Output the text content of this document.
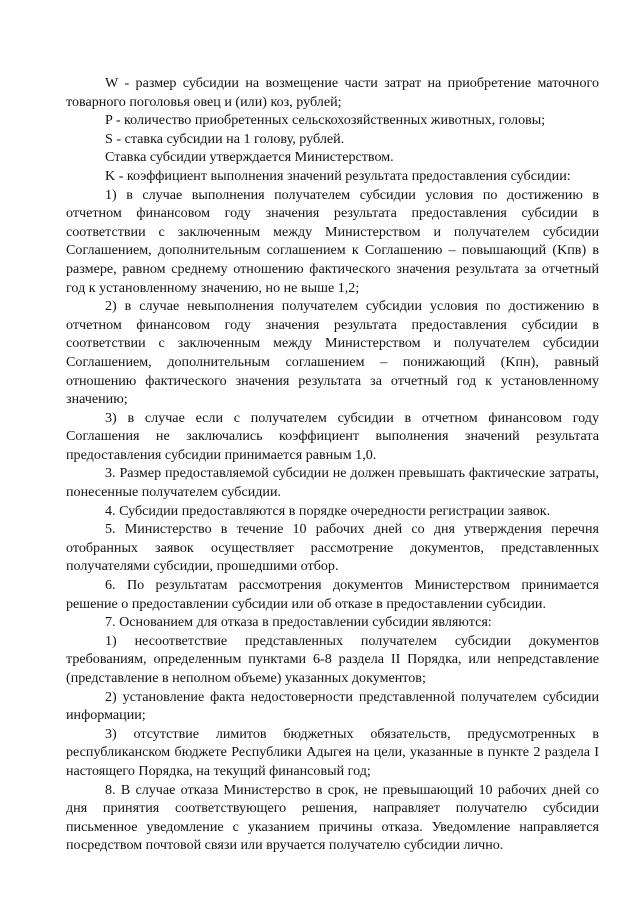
W - размер субсидии на возмещение части затрат на приобретение маточного товарного поголовья овец и (или) коз, рублей;

P - количество приобретенных сельскохозяйственных животных, головы;

S - ставка субсидии на 1 голову, рублей.

Ставка субсидии утверждается Министерством.

K - коэффициент выполнения значений результата предоставления субсидии:

1) в случае выполнения получателем субсидии условия по достижению в отчетном финансовом году значения результата предоставления субсидии в соответствии с заключенным между Министерством и получателем субсидии Соглашением, дополнительным соглашением к Соглашению – повышающий (Kпв) в размере, равном среднему отношению фактического значения результата за отчетный год к установленному значению, но не выше 1,2;

2) в случае невыполнения получателем субсидии условия по достижению в отчетном финансовом году значения результата предоставления субсидии в соответствии с заключенным между Министерством и получателем субсидии Соглашением, дополнительным соглашением – понижающий (Kпн), равный отношению фактического значения результата за отчетный год к установленному значению;

3) в случае если с получателем субсидии в отчетном финансовом году Соглашения не заключались коэффициент выполнения значений результата предоставления субсидии принимается равным 1,0.

3. Размер предоставляемой субсидии не должен превышать фактические затраты, понесенные получателем субсидии.

4. Субсидии предоставляются в порядке очередности регистрации заявок.

5. Министерство в течение 10 рабочих дней со дня утверждения перечня отобранных заявок осуществляет рассмотрение документов, представленных получателями субсидии, прошедшими отбор.

6. По результатам рассмотрения документов Министерством принимается решение о предоставлении субсидии или об отказе в предоставлении субсидии.

7. Основанием для отказа в предоставлении субсидии являются:

1) несоответствие представленных получателем субсидии документов требованиям, определенным пунктами 6-8 раздела II Порядка, или непредставление (представление в неполном объеме) указанных документов;

2) установление факта недостоверности представленной получателем субсидии информации;

3) отсутствие лимитов бюджетных обязательств, предусмотренных в республиканском бюджете Республики Адыгея на цели, указанные в пункте 2 раздела I настоящего Порядка, на текущий финансовый год;

8. В случае отказа Министерство в срок, не превышающий 10 рабочих дней со дня принятия соответствующего решения, направляет получателю субсидии письменное уведомление с указанием причины отказа. Уведомление направляется посредством почтовой связи или вручается получателю субсидии лично.
